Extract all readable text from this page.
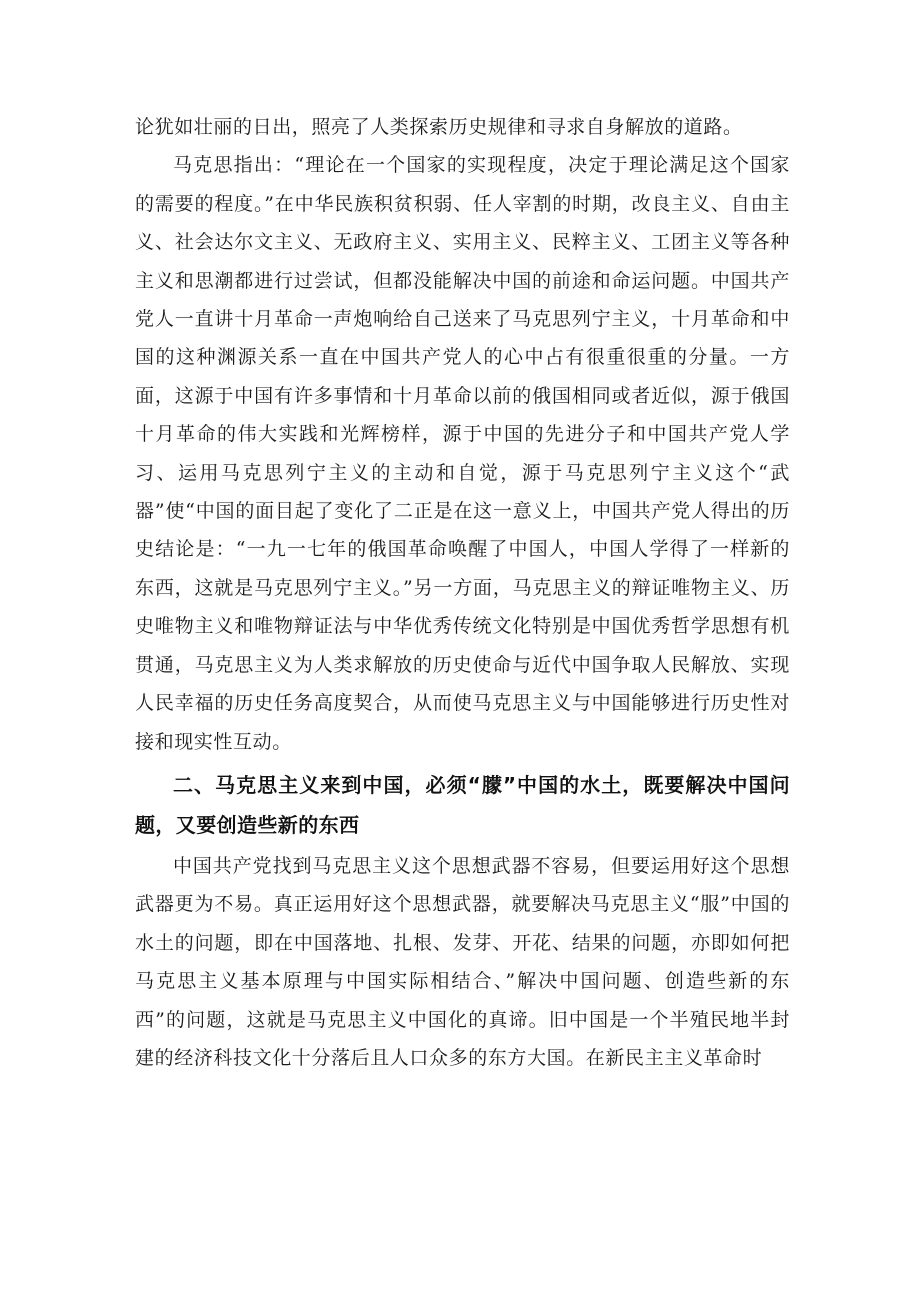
论犹如壮丽的日出，照亮了人类探索历史规律和寻求自身解放的道路。

马克思指出：“理论在一个国家的实现程度，决定于理论满足这个国家的需要的程度。”在中华民族积贫积弱、任人宰割的时期，改良主义、自由主义、社会达尔文主义、无政府主义、实用主义、民粹主义、工团主义等各种主义和思潮都进行过尝试，但都没能解决中国的前途和命运问题。中国共产党人一直讲十月革命一声炮响给自己送来了马克思列宁主义，十月革命和中国的这种渊源关系一直在中国共产党人的心中占有很重很重的分量。一方面，这源于中国有许多事情和十月革命以前的俄国相同或者近似，源于俄国十月革命的伟大实践和光辉榜样，源于中国的先进分子和中国共产党人学习、运用马克思列宁主义的主动和自觉，源于马克思列宁主义这个“武器”使“中国的面目起了变化了二正是在这一意义上，中国共产党人得出的历史结论是：“一九一七年的俄国革命唤醒了中国人，中国人学得了一样新的东西，这就是马克思列宁主义。”另一方面，马克思主义的辩证唯物主义、历史唯物主义和唯物辩证法与中华优秀传统文化特别是中国优秀哲学思想有机贯通，马克思主义为人类求解放的历史使命与近代中国争取人民解放、实现人民幸福的历史任务高度契合，从而使马克思主义与中国能够进行历史性对接和现实性互动。

二、马克思主义来到中国，必须“朦”中国的水土，既要解决中国问题，又要创造些新的东西

中国共产党找到马克思主义这个思想武器不容易，但要运用好这个思想武器更为不易。真正运用好这个思想武器，就要解决马克思主义“服”中国的水土的问题，即在中国落地、扎根、发芽、开花、结果的问题，亦即如何把马克思主义基本原理与中国实际相结合、”解决中国问题、创造些新的东西”的问题，这就是马克思主义中国化的真谛。旧中国是一个半殖民地半封建的经济科技文化十分落后且人口众多的东方大国。在新民主主义革命时
